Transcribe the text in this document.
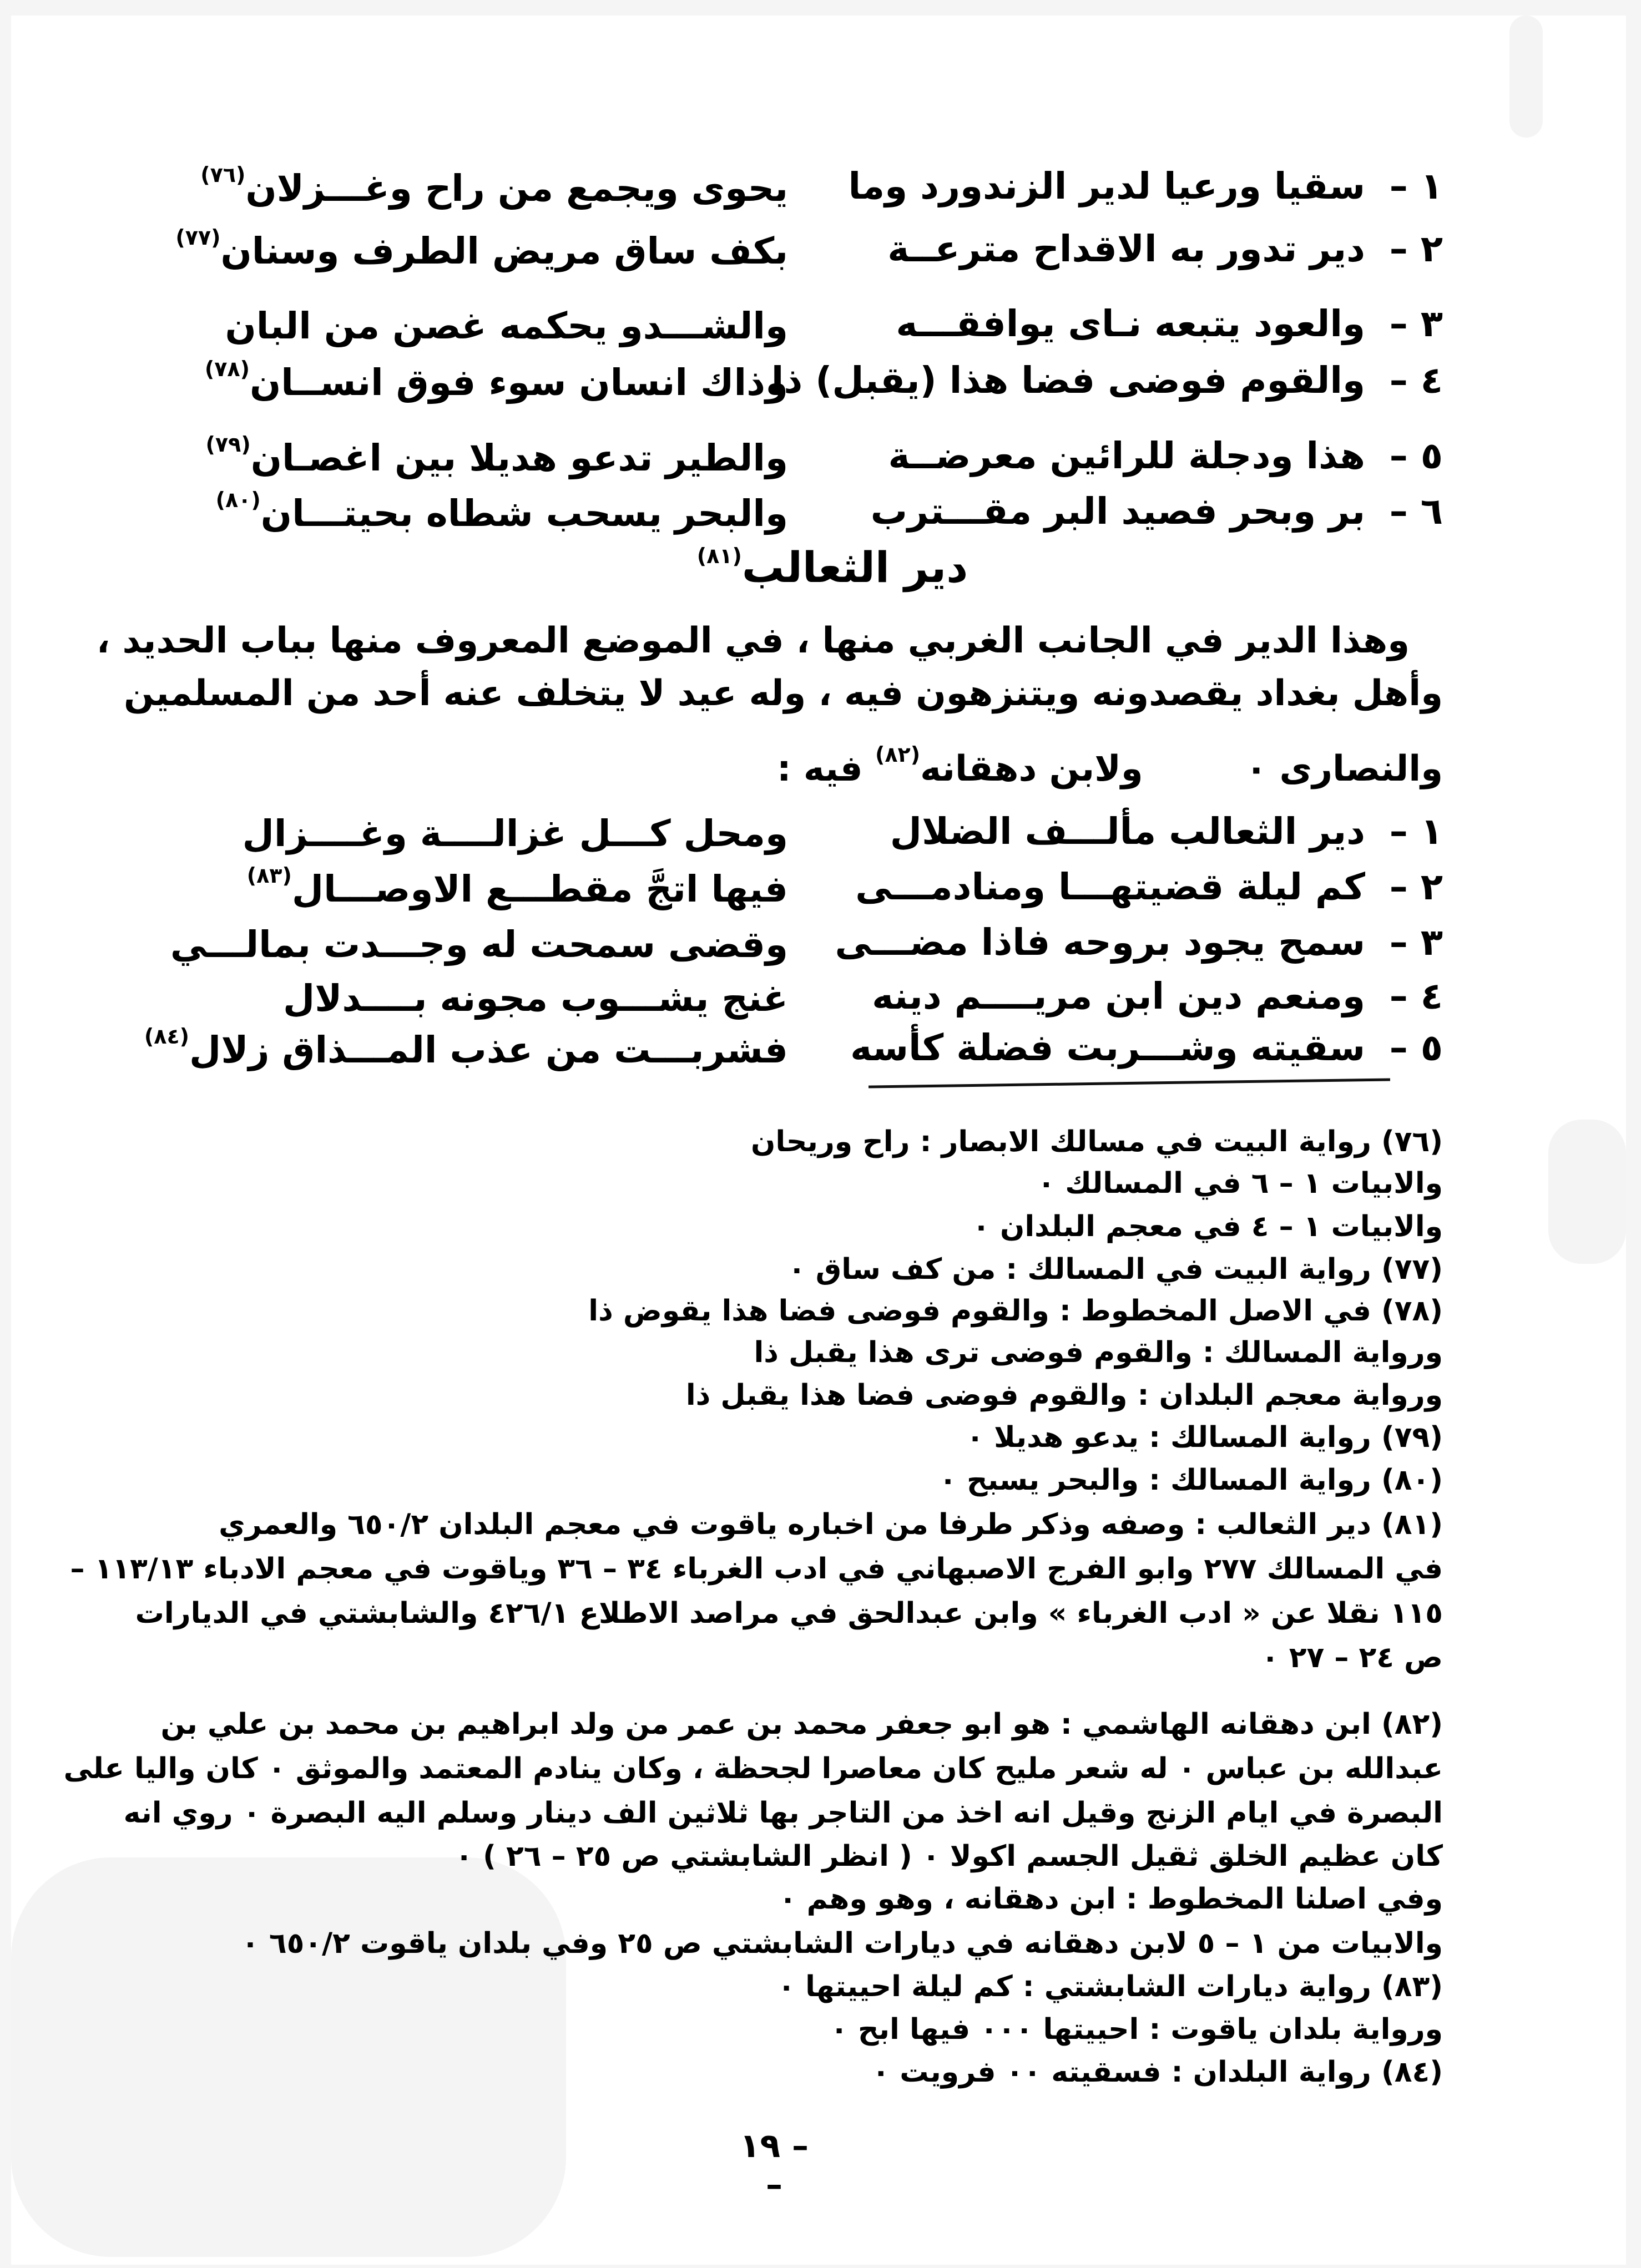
١ –
سقيا ورعيا لدير الزندورد وما
يحوى ويجمع من راح وغـــزلان$^{(٧٦)}$
٢ –
دير تدور به الاقداح مترعــة
بكف ساق مريض الطرف وسنان$^{(٧٧)}$
٣ –
والعود يتبعه نـاى يوافقـــه
والشـــدو يحكمه غصن من البان
٤ –
والقوم فوضى فضا هذا (يقبل) ذا
وذاك انسان سوء فوق انســان$^{(٧٨)}$
٥ –
هذا ودجلة للرائين معرضــة
والطير تدعو هديلا بين اغصـان$^{(٧٩)}$
٦ –
بر وبحر فصيد البر مقـــترب
والبحر يسحب شطاه بحيتـــان$^{(٨٠)}$
دير الثعالب$^{(٨١)}$
وهذا الدير في الجانب الغربي منها ، في الموضع المعروف منها بباب الحديد ،
وأهل بغداد يقصدونه ويتنزهون فيه ، وله عيد لا يتخلف عنه أحد من المسلمين
والنصارى ٠  ولابن دهقانه$^{(٨٢)}$ فيه :
١ –
دير الثعالب مألـــف الضلال
ومحل كـــل غزالــــة وغــــزال
٢ –
كم ليلة قضيتهـــا ومنادمـــى
فيها اتجَّ مقطـــع الاوصـــال$^{(٨٣)}$
٣ –
سمح يجود بروحه فاذا مضـــى
وقضى سمحت له وجـــدت بمالـــي
٤ –
ومنعم دين ابن مريــــم دينه
غنج يشـــوب مجونه بــــدلال
٥ –
سقيته وشـــربت فضلة كأسه
فشربـــت من عذب المـــذاق زلال$^{(٨٤)}$
(٧٦) رواية البيت في مسالك الابصار : راح وريحان
والابيات ١ – ٦ في المسالك ٠
والابيات ١ – ٤ في معجم البلدان ٠
(٧٧) رواية البيت في المسالك : من كف ساق ٠
(٧٨) في الاصل المخطوط : والقوم فوضى فضا هذا يقوض ذا
ورواية المسالك : والقوم فوضى ترى هذا يقبل ذا
ورواية معجم البلدان : والقوم فوضى فضا هذا يقبل ذا
(٧٩) رواية المسالك : يدعو هديلا ٠
(٨٠) رواية المسالك : والبحر يسبح ٠
(٨١) دير الثعالب : وصفه وذكر طرفا من اخباره ياقوت في معجم البلدان ٦٥٠/٢ والعمري
في المسالك ٢٧٧ وابو الفرج الاصبهاني في ادب الغرباء ٣٤ – ٣٦ وياقوت في معجم الادباء ١١٣/١٣ –
١١٥ نقلا عن « ادب الغرباء » وابن عبدالحق في مراصد الاطلاع ٤٢٦/١ والشابشتي في الديارات
ص ٢٤ – ٢٧ ٠
(٨٢) ابن دهقانه الهاشمي : هو ابو جعفر محمد بن عمر من ولد ابراهيم بن محمد بن علي بن
عبدالله بن عباس ٠ له شعر مليح كان معاصرا لجحظة ، وكان ينادم المعتمد والموثق ٠ كان واليا على
البصرة في ايام الزنج وقيل انه اخذ من التاجر بها ثلاثين الف دينار وسلم اليه البصرة ٠ روي انه
كان عظيم الخلق ثقيل الجسم اكولا ٠ ( انظر الشابشتي ص ٢٥ – ٢٦ ) ٠
وفي اصلنا المخطوط : ابن دهقانه ، وهو وهم ٠
والابيات من ١ – ٥ لابن دهقانه في ديارات الشابشتي ص ٢٥ وفي بلدان ياقوت ٦٥٠/٢ ٠
(٨٣) رواية ديارات الشابشتي : كم ليلة احييتها ٠
ورواية بلدان ياقوت : احييتها ٠٠٠ فيها ابح ٠
(٨٤) رواية البلدان : فسقيته ٠٠ فرويت ٠
– ١٩ –
